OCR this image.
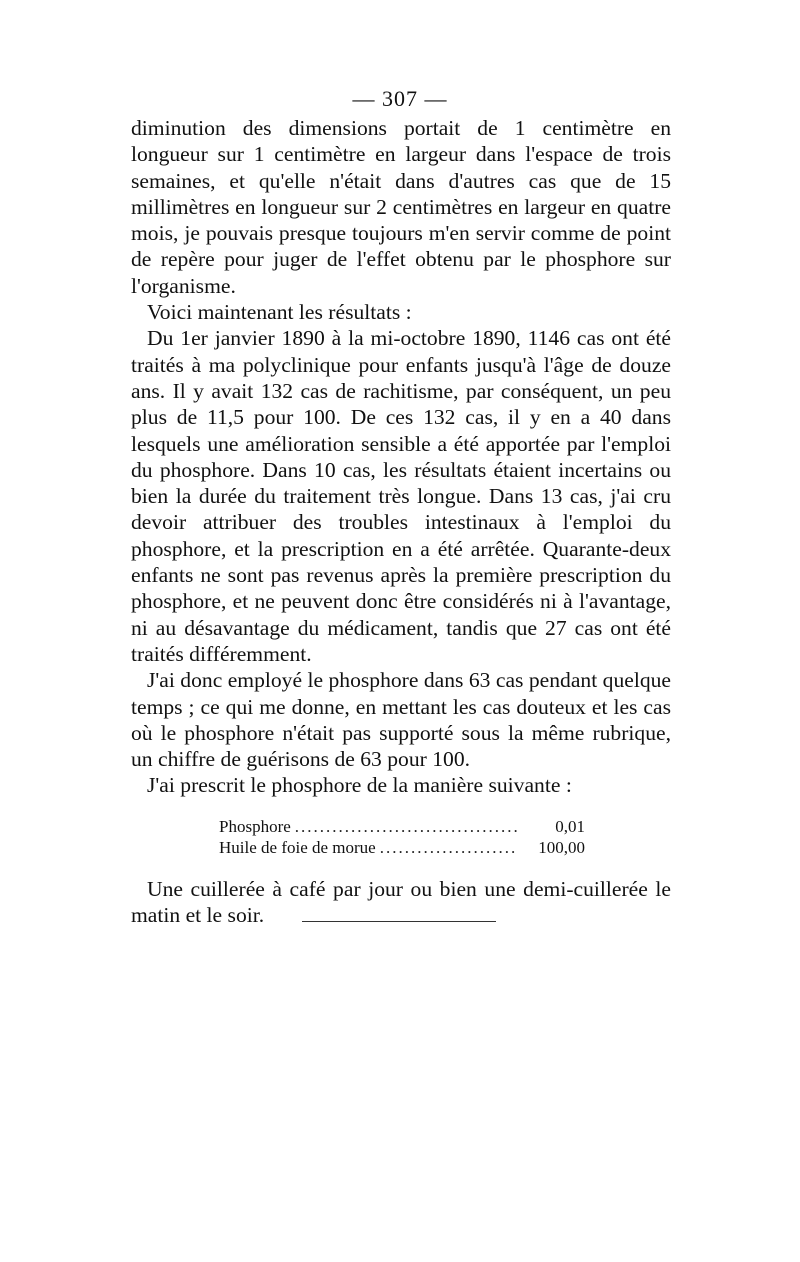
— 307 —

diminution des dimensions portait de 1 centimètre en longueur sur 1 centimètre en largeur dans l'espace de trois semaines, et qu'elle n'était dans d'autres cas que de 15 millimètres en longueur sur 2 centimètres en largeur en quatre mois, je pouvais presque toujours m'en servir comme de point de repère pour juger de l'effet obtenu par le phosphore sur l'organisme.

Voici maintenant les résultats :

Du 1er janvier 1890 à la mi-octobre 1890, 1146 cas ont été traités à ma polyclinique pour enfants jusqu'à l'âge de douze ans. Il y avait 132 cas de rachitisme, par conséquent, un peu plus de 11,5 pour 100. De ces 132 cas, il y en a 40 dans lesquels une amélioration sensible a été apportée par l'emploi du phosphore. Dans 10 cas, les résultats étaient incertains ou bien la durée du traitement très longue. Dans 13 cas, j'ai cru devoir attribuer des troubles intestinaux à l'emploi du phosphore, et la prescription en a été arrêtée. Quarante-deux enfants ne sont pas revenus après la première prescription du phosphore, et ne peuvent donc être considérés ni à l'avantage, ni au désavantage du médicament, tandis que 27 cas ont été traités différemment.

J'ai donc employé le phosphore dans 63 cas pendant quelque temps ; ce qui me donne, en mettant les cas douteux et les cas où le phosphore n'était pas supporté sous la même rubrique, un chiffre de guérisons de 63 pour 100.

J'ai prescrit le phosphore de la manière suivante :

Phosphore .....	0,01
Huile de foie de morue .....	100,00

Une cuillerée à café par jour ou bien une demi-cuillerée le matin et le soir.
